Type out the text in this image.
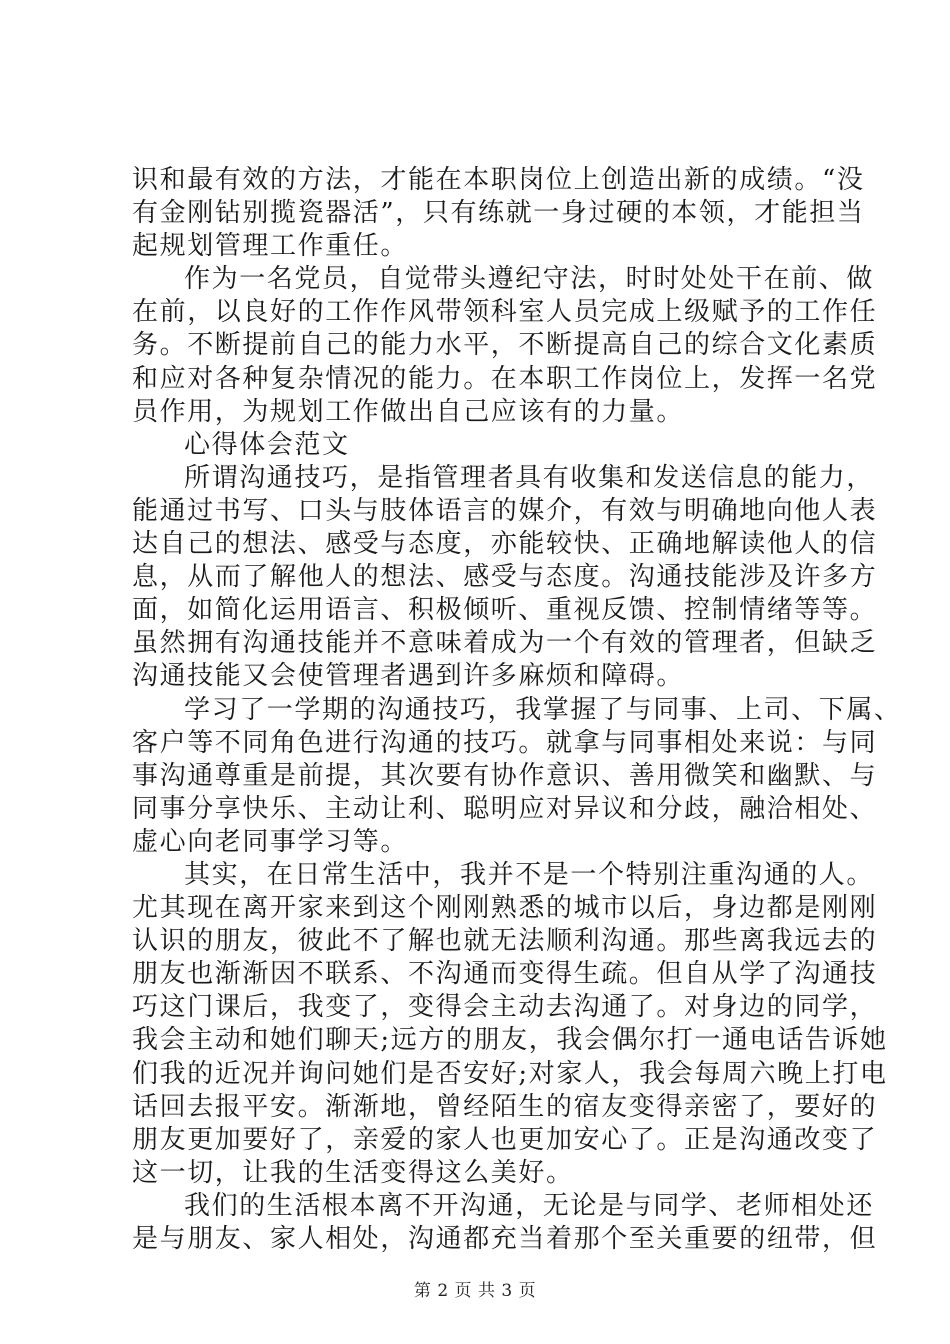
识和最有效的方法，才能在本职岗位上创造出新的成绩。“没
有金刚钻别揽瓷器活”，只有练就一身过硬的本领，才能担当
起规划管理工作重任。
作为一名党员，自觉带头遵纪守法，时时处处干在前、做
在前，以良好的工作作风带领科室人员完成上级赋予的工作任
务。不断提前自己的能力水平，不断提高自己的综合文化素质
和应对各种复杂情况的能力。在本职工作岗位上，发挥一名党
员作用，为规划工作做出自己应该有的力量。
心得体会范文
所谓沟通技巧，是指管理者具有收集和发送信息的能力，
能通过书写、口头与肢体语言的媒介，有效与明确地向他人表
达自己的想法、感受与态度，亦能较快、正确地解读他人的信
息，从而了解他人的想法、感受与态度。沟通技能涉及许多方
面，如简化运用语言、积极倾听、重视反馈、控制情绪等等。
虽然拥有沟通技能并不意味着成为一个有效的管理者，但缺乏
沟通技能又会使管理者遇到许多麻烦和障碍。
学习了一学期的沟通技巧，我掌握了与同事、上司、下属、
客户等不同角色进行沟通的技巧。就拿与同事相处来说：与同
事沟通尊重是前提，其次要有协作意识、善用微笑和幽默、与
同事分享快乐、主动让利、聪明应对异议和分歧，融洽相处、
虚心向老同事学习等。
其实，在日常生活中，我并不是一个特别注重沟通的人。
尤其现在离开家来到这个刚刚熟悉的城市以后，身边都是刚刚
认识的朋友，彼此不了解也就无法顺利沟通。那些离我远去的
朋友也渐渐因不联系、不沟通而变得生疏。但自从学了沟通技
巧这门课后，我变了，变得会主动去沟通了。对身边的同学，
我会主动和她们聊天;远方的朋友，我会偶尔打一通电话告诉她
们我的近况并询问她们是否安好;对家人，我会每周六晚上打电
话回去报平安。渐渐地，曾经陌生的宿友变得亲密了，要好的
朋友更加要好了，亲爱的家人也更加安心了。正是沟通改变了
这一切，让我的生活变得这么美好。
我们的生活根本离不开沟通，无论是与同学、老师相处还
是与朋友、家人相处，沟通都充当着那个至关重要的纽带，但
第 2 页 共 3 页
